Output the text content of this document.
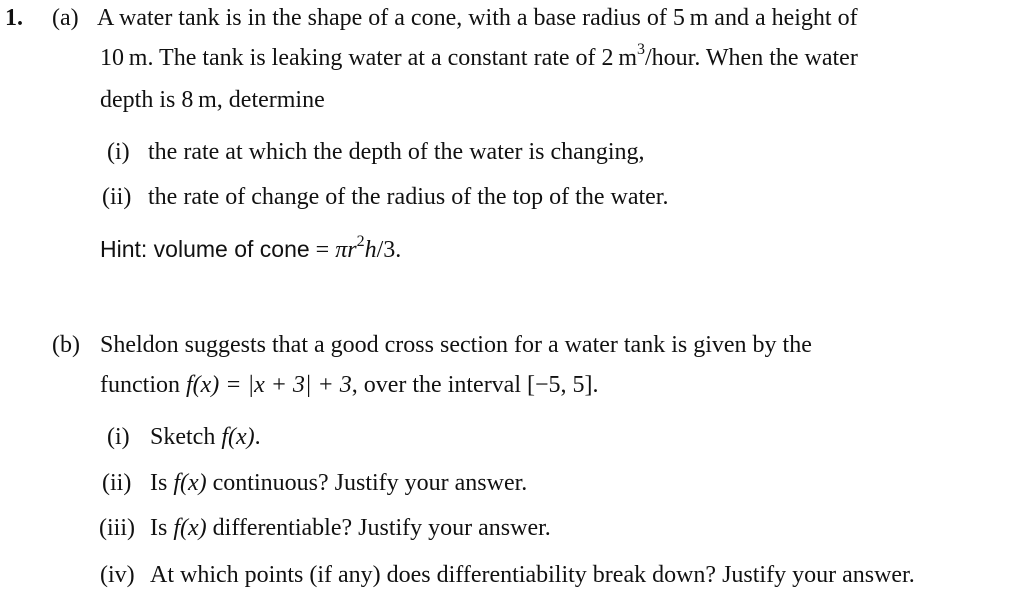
1. (a) A water tank is in the shape of a cone, with a base radius of 5 m and a height of
10 m. The tank is leaking water at a constant rate of 2 $m^3$/hour. When the water
depth is 8 m, determine
(i) the rate at which the depth of the water is changing,
(ii) the rate of change of the radius of the top of the water.
Hint: volume of cone = $\pi r^2h/3$.
(b) Sheldon suggests that a good cross section for a water tank is given by the
function f(x) = |x + 3| + 3, over the interval [−5, 5].
(i) Sketch f(x).
(ii) Is f(x) continuous? Justify your answer.
(iii) Is f(x) differentiable? Justify your answer.
(iv) At which points (if any) does differentiability break down? Justify your answer.
